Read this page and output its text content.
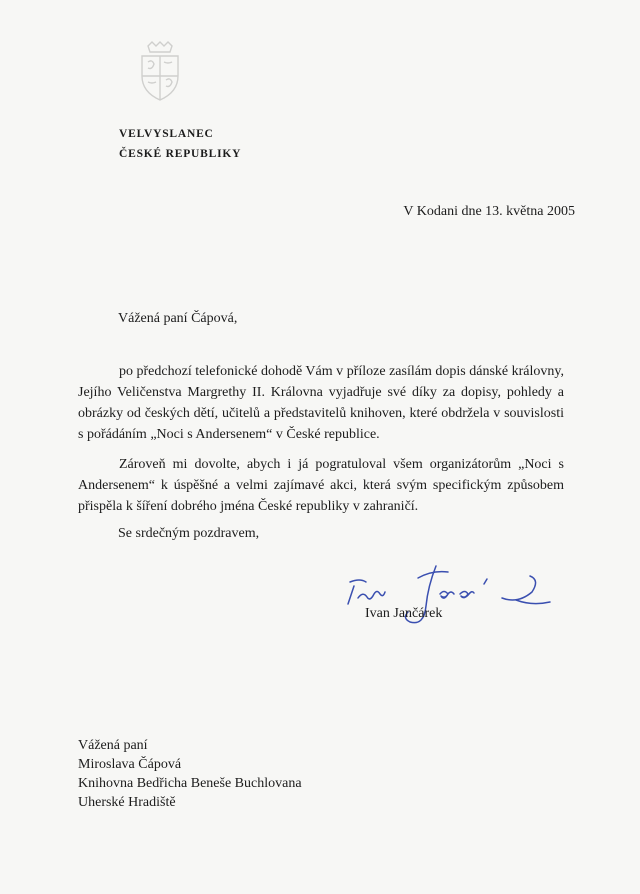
VELVYSLANEC
ČESKÉ REPUBLIKY
V Kodani dne 13. května 2005
Vážená paní Čápová,
po předchozí telefonické dohodě Vám v příloze zasílám dopis dánské královny, Jejího Veličenstva Margrethy II. Královna vyjadřuje své díky za dopisy, pohledy a obrázky od českých dětí, učitelů a představitelů knihoven, které obdržela v souvislosti s pořádáním „Noci s Andersenem“ v České republice.
Zároveň mi dovolte, abych i já pogratuloval všem organizátorům „Noci s Andersenem“ k úspěšné a velmi zajímavé akci, která svým specifickým způsobem přispěla k šíření dobrého jména České republiky v zahraničí.
Se srdečným pozdravem,
Ivan Jančárek
Vážená paní
Miroslava Čápová
Knihovna Bedřicha Beneše Buchlovana
Uherské Hradiště
